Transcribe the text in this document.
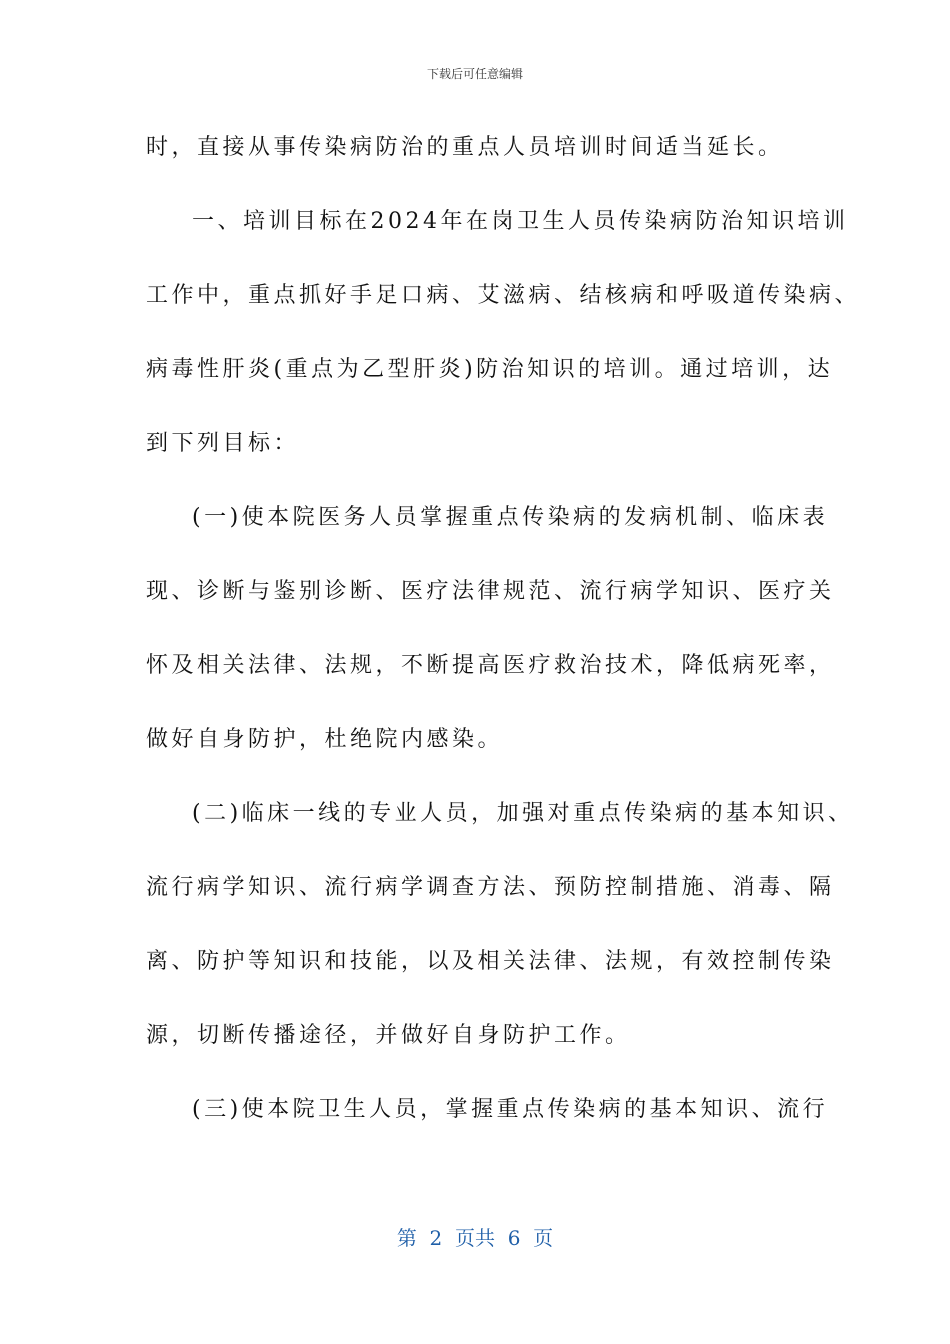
下载后可任意编辑
时，直接从事传染病防治的重点人员培训时间适当延长。
一、培训目标在2024年在岗卫生人员传染病防治知识培训
工作中，重点抓好手足口病、艾滋病、结核病和呼吸道传染病、
病毒性肝炎(重点为乙型肝炎)防治知识的培训。通过培训，达
到下列目标：
(一)使本院医务人员掌握重点传染病的发病机制、临床表
现、诊断与鉴别诊断、医疗法律规范、流行病学知识、医疗关
怀及相关法律、法规，不断提高医疗救治技术，降低病死率，
做好自身防护，杜绝院内感染。
(二)临床一线的专业人员，加强对重点传染病的基本知识、
流行病学知识、流行病学调查方法、预防控制措施、消毒、隔
离、防护等知识和技能，以及相关法律、法规，有效控制传染
源，切断传播途径，并做好自身防护工作。
(三)使本院卫生人员，掌握重点传染病的基本知识、流行
第  2  页共  6  页
